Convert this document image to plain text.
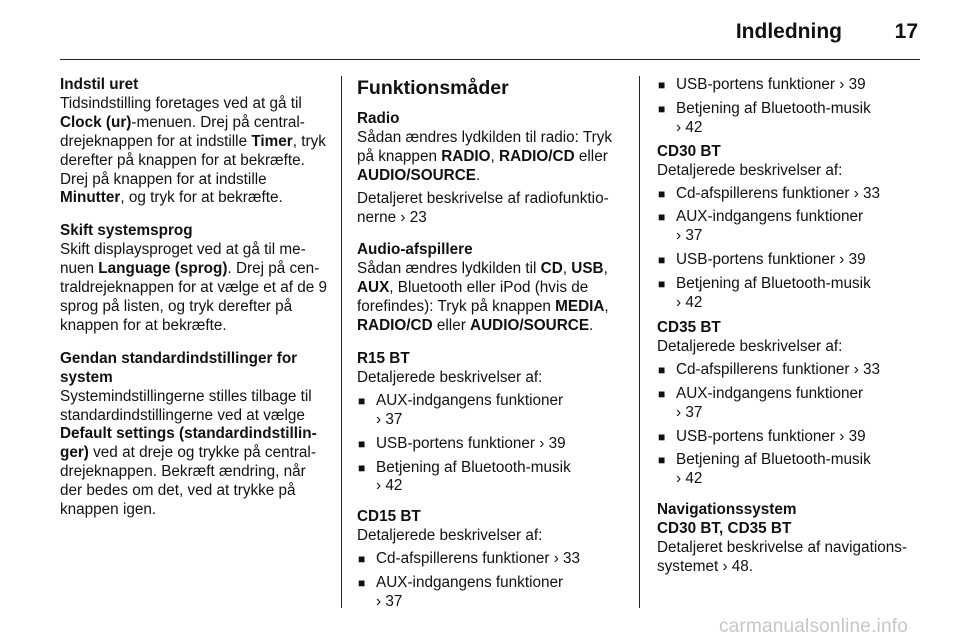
Indledning	17

Indstil uret

Tidsindstilling foretages ved at gå til Clock (ur)-menuen. Drej på centraldrejeknappen for at indstille Timer, tryk derefter på knappen for at bekræfte. Drej på knappen for at indstille Minutter, og tryk for at bekræfte.

Skift systemsprog

Skift displaysproget ved at gå til menuen Language (sprog). Drej på centraldrejeknappen for at vælge et af de 9 sprog på listen, og tryk derefter på knappen for at bekræfte.

Gendan standardindstillinger for system

Systemindstillingerne stilles tilbage til standardindstillingerne ved at vælge Default settings (standardindstillinger) ved at dreje og trykke på centraldrejeknappen. Bekræft ændring, når der bedes om det, ved at trykke på knappen igen.

Funktionsmåder

Radio

Sådan ændres lydkilden til radio: Tryk på knappen RADIO, RADIO/CD eller AUDIO/SOURCE.

Detaljeret beskrivelse af radiofunktionerne › 23

Audio-afspillere

Sådan ændres lydkilden til CD, USB, AUX, Bluetooth eller iPod (hvis de forefindes): Tryk på knappen MEDIA, RADIO/CD eller AUDIO/SOURCE.

R15 BT

Detaljerede beskrivelser af:

■ AUX-indgangens funktioner
› 37
■ USB-portens funktioner › 39
■ Betjening af Bluetooth-musik
› 42

CD15 BT

Detaljerede beskrivelser af:

■ Cd-afspillerens funktioner › 33
■ AUX-indgangens funktioner
› 37
■ USB-portens funktioner › 39
■ Betjening af Bluetooth-musik
› 42

CD30 BT

Detaljerede beskrivelser af:

■ Cd-afspillerens funktioner › 33
■ AUX-indgangens funktioner
› 37
■ USB-portens funktioner › 39
■ Betjening af Bluetooth-musik
› 42

CD35 BT

Detaljerede beskrivelser af:

■ Cd-afspillerens funktioner › 33
■ AUX-indgangens funktioner
› 37
■ USB-portens funktioner › 39
■ Betjening af Bluetooth-musik
› 42

Navigationssystem

CD30 BT, CD35 BT

Detaljeret beskrivelse af navigationssystemet › 48.

carmanualsonline.info
